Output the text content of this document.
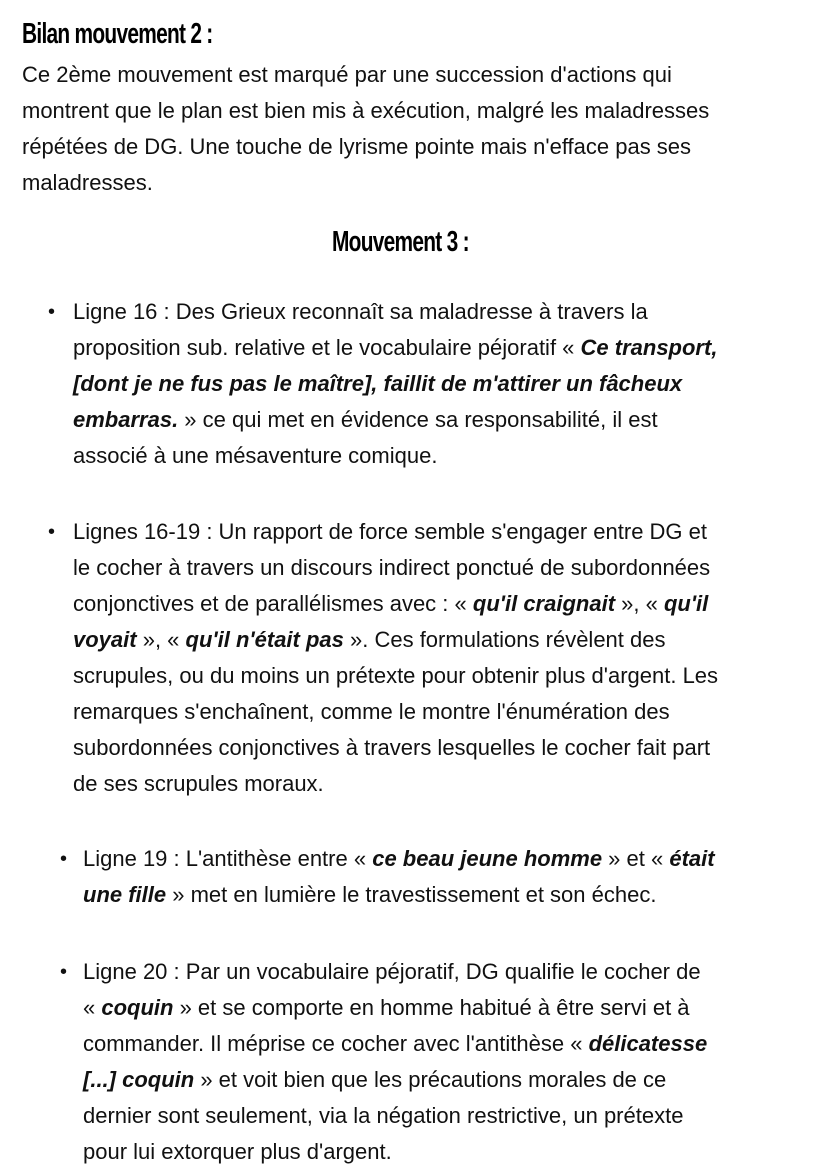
Bilan mouvement 2 :
Ce 2ème mouvement est marqué par une succession d'actions qui
montrent que le plan est bien mis à exécution, malgré les maladresses
répétées de DG. Une touche de lyrisme pointe mais n'efface pas ses
maladresses.
Mouvement 3 :
• Ligne 16 : Des Grieux reconnaît sa maladresse à travers la
proposition sub. relative et le vocabulaire péjoratif « Ce transport,
[dont je ne fus pas le maître], faillit de m'attirer un fâcheux
embarras. » ce qui met en évidence sa responsabilité, il est
associé à une mésaventure comique.
• Lignes 16-19 : Un rapport de force semble s'engager entre DG et
le cocher à travers un discours indirect ponctué de subordonnées
conjonctives et de parallélismes avec : « qu'il craignait », « qu'il
voyait », « qu'il n'était pas ». Ces formulations révèlent des
scrupules, ou du moins un prétexte pour obtenir plus d'argent. Les
remarques s'enchaînent, comme le montre l'énumération des
subordonnées conjonctives à travers lesquelles le cocher fait part
de ses scrupules moraux.
• Ligne 19 : L'antithèse entre « ce beau jeune homme » et « était
une fille » met en lumière le travestissement et son échec.
• Ligne 20 : Par un vocabulaire péjoratif, DG qualifie le cocher de
« coquin » et se comporte en homme habitué à être servi et à
commander. Il méprise ce cocher avec l'antithèse « délicatesse
[...] coquin » et voit bien que les précautions morales de ce
dernier sont seulement, via la négation restrictive, un prétexte
pour lui extorquer plus d'argent.
